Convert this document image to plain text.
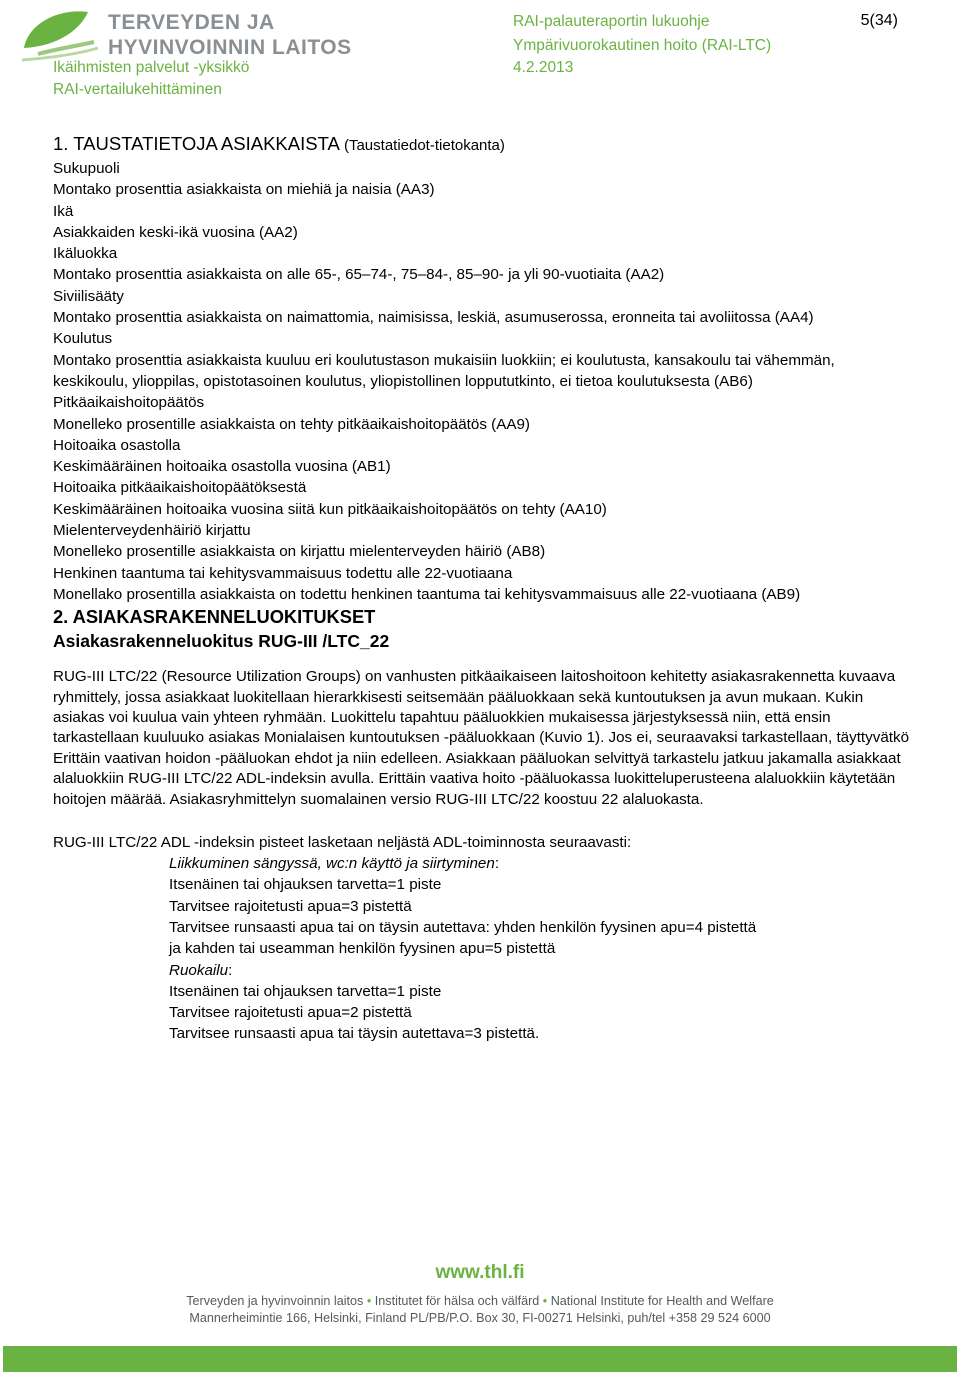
TERVEYDEN JA
HYVINVOINNIN LAITOS
Ikäihmisten palvelut -yksikkö
RAI-vertailukehittäminen
RAI-palauteraportin lukuohje
Ympärivuorokautinen hoito (RAI-LTC)
4.2.2013
5(34)

1. TAUSTATIETOJA ASIAKKAISTA (Taustatiedot-tietokanta)

Sukupuoli

Montako prosenttia asiakkaista on miehiä ja naisia (AA3)

Ikä

Asiakkaiden keski-ikä vuosina (AA2)

Ikäluokka

Montako prosenttia asiakkaista on alle 65-, 65–74-, 75–84-, 85–90- ja yli 90-vuotiaita (AA2)

Siviilisääty

Montako prosenttia asiakkaista on naimattomia, naimisissa, leskiä, asumuserossa, eronneita tai avoliitossa (AA4)

Koulutus

Montako prosenttia asiakkaista kuuluu eri koulutustason mukaisiin luokkiin; ei koulutusta, kansakoulu tai vähemmän, keskikoulu, ylioppilas, opistotasoinen koulutus, yliopistollinen loppututkinto, ei tietoa koulutuksesta (AB6)

Pitkäaikaishoitopäätös

Monelleko prosentille asiakkaista on tehty pitkäaikaishoitopäätös (AA9)

Hoitoaika osastolla

Keskimääräinen hoitoaika osastolla vuosina (AB1)

Hoitoaika pitkäaikaishoitopäätöksestä

Keskimääräinen hoitoaika vuosina siitä kun pitkäaikaishoitopäätös on tehty (AA10)

Mielenterveydenhäiriö kirjattu

Monelleko prosentille asiakkaista on kirjattu mielenterveyden häiriö (AB8)

Henkinen taantuma tai kehitysvammaisuus todettu alle 22-vuotiaana

Monellako prosentilla asiakkaista on todettu henkinen taantuma tai kehitysvammaisuus alle 22-vuotiaana (AB9)

2. ASIAKASRAKENNELUOKITUKSET

Asiakasrakenneluokitus RUG-III /LTC_22

RUG-III LTC/22 (Resource Utilization Groups) on vanhusten pitkäaikaiseen laitoshoitoon kehitetty asiakasrakennetta kuvaava ryhmittely, jossa asiakkaat luokitellaan hierarkkisesti seitsemään pääluokkaan sekä kuntoutuksen ja avun mukaan. Kukin asiakas voi kuulua vain yhteen ryhmään. Luokittelu tapahtuu pääluokkien mukaisessa järjestyksessä niin, että ensin tarkastellaan kuuluuko asiakas Monialaisen kuntoutuksen -pääluokkaan (Kuvio 1). Jos ei, seuraavaksi tarkastellaan, täyttyvätkö Erittäin vaativan hoidon -pääluokan ehdot ja niin edelleen. Asiakkaan pääluokan selvittyä tarkastelu jatkuu jakamalla asiakkaat alaluokkiin RUG-III LTC/22 ADL-indeksin avulla. Erittäin vaativa hoito -pääluokassa luokitteluperusteena alaluokkiin käytetään hoitojen määrää. Asiakasryhmittelyn suomalainen versio RUG-III LTC/22 koostuu 22 alaluokasta.

RUG-III LTC/22 ADL -indeksin pisteet lasketaan neljästä ADL-toiminnosta seuraavasti:

Liikkuminen sängyssä, wc:n käyttö ja siirtyminen:

Itsenäinen tai ohjauksen tarvetta=1 piste

Tarvitsee rajoitetusti apua=3 pistettä

Tarvitsee runsaasti apua tai on täysin autettava: yhden henkilön fyysinen apu=4 pistettä

ja kahden tai useamman henkilön fyysinen apu=5 pistettä

Ruokailu:

Itsenäinen tai ohjauksen tarvetta=1 piste

Tarvitsee rajoitetusti apua=2 pistettä

Tarvitsee runsaasti apua tai täysin autettava=3 pistettä.

www.thl.fi
Terveyden ja hyvinvoinnin laitos • Institutet för hälsa och välfärd • National Institute for Health and Welfare
Mannerheimintie 166, Helsinki, Finland PL/PB/P.O. Box 30, FI-00271 Helsinki, puh/tel +358 29 524 6000
